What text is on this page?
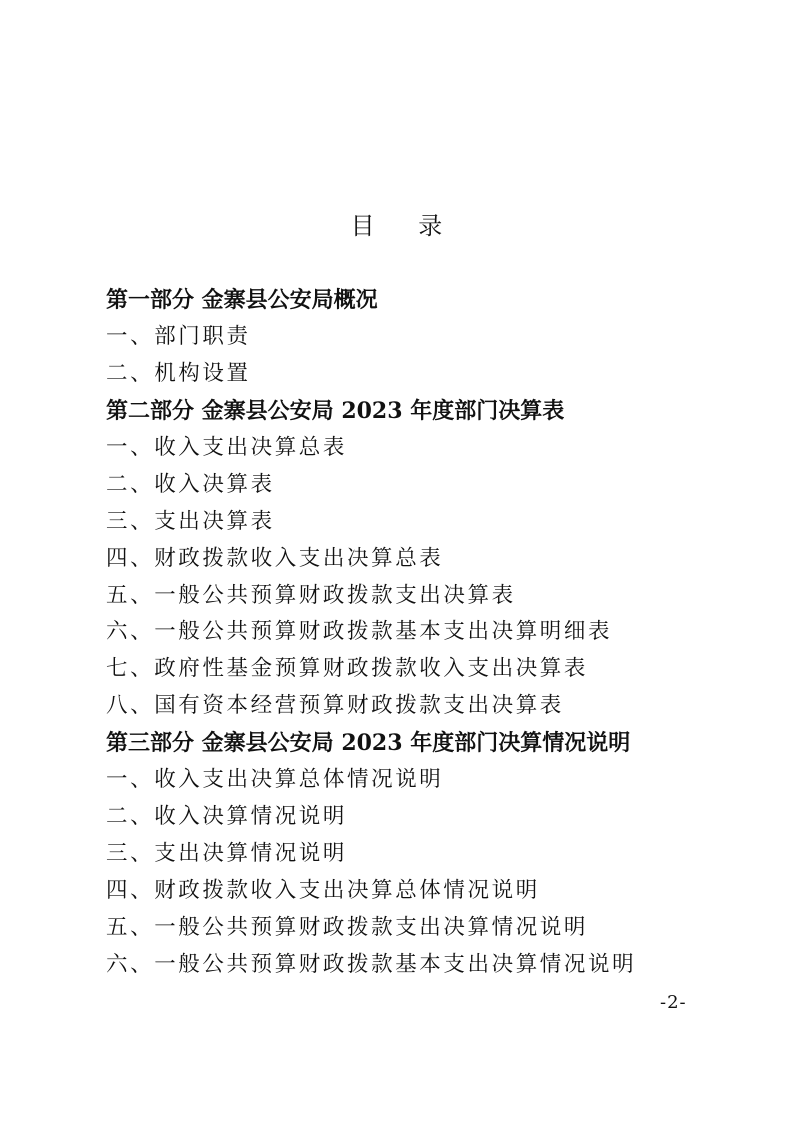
目 录
第一部分 金寨县公安局概况
一、部门职责
二、机构设置
第二部分 金寨县公安局 2023 年度部门决算表
一、收入支出决算总表
二、收入决算表
三、支出决算表
四、财政拨款收入支出决算总表
五、一般公共预算财政拨款支出决算表
六、一般公共预算财政拨款基本支出决算明细表
七、政府性基金预算财政拨款收入支出决算表
八、国有资本经营预算财政拨款支出决算表
第三部分 金寨县公安局 2023 年度部门决算情况说明
一、收入支出决算总体情况说明
二、收入决算情况说明
三、支出决算情况说明
四、财政拨款收入支出决算总体情况说明
五、一般公共预算财政拨款支出决算情况说明
六、一般公共预算财政拨款基本支出决算情况说明
-2-
